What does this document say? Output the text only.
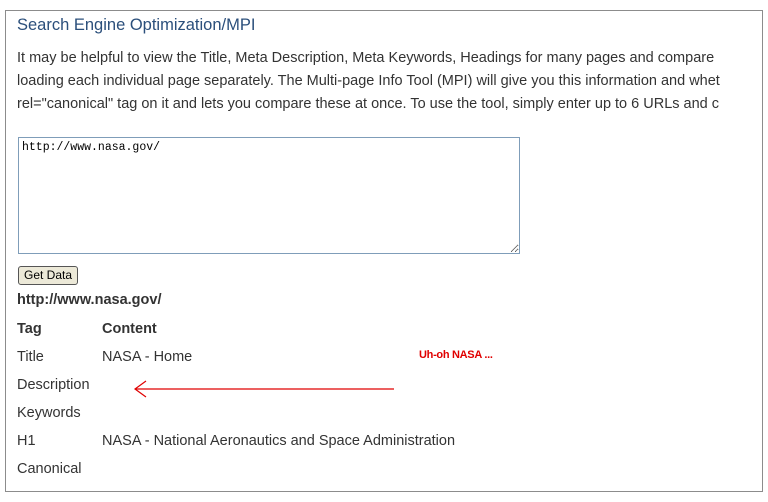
Search Engine Optimization/MPI
It may be helpful to view the Title, Meta Description, Meta Keywords, Headings for many pages and compare
loading each individual page separately. The Multi-page Info Tool (MPI) will give you this information and whet
rel="canonical" tag on it and lets you compare these at once. To use the tool, simply enter up to 6 URLs and c
http://www.nasa.gov/
Get Data
http://www.nasa.gov/
Tag	Content
Title	NASA - Home
Description	
Keywords	
H1	NASA - National Aeronautics and Space Administration
Canonical	
Uh-oh NASA ...
